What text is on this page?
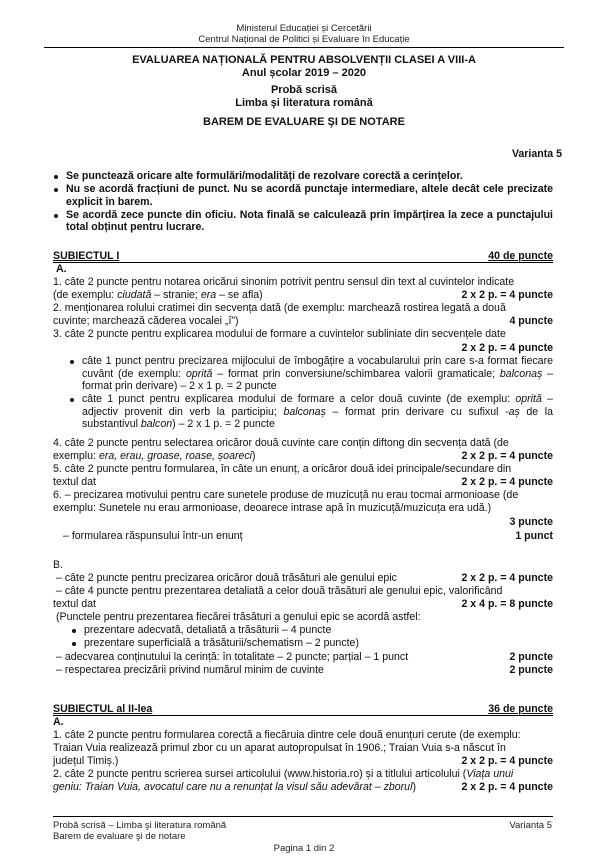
Ministerul Educației și Cercetării
Centrul Național de Politici și Evaluare în Educație
EVALUAREA NAȚIONALĂ PENTRU ABSOLVENȚII CLASEI A VIII-A
Anul școlar 2019 – 2020
Probă scrisă
Limba şi literatura română
BAREM DE EVALUARE ŞI DE NOTARE
Varianta 5
Se punctează oricare alte formulări/modalități de rezolvare corectă a cerințelor.
Nu se acordă fracțiuni de punct. Nu se acordă punctaje intermediare, altele decât cele precizate explicit în barem.
Se acordă zece puncte din oficiu. Nota finală se calculează prin împărțirea la zece a punctajului total obținut pentru lucrare.
SUBIECTUL I	40 de puncte
A.
1. câte 2 puncte pentru notarea oricărui sinonim potrivit pentru sensul din text al cuvintelor indicate
(de exemplu: ciudată – stranie; era – se afla)	2 x 2 p. = 4 puncte
2. menționarea rolului cratimei din secvența dată (de exemplu: marchează rostirea legată a două
cuvinte; marchează căderea vocalei „î”)	4 puncte
3. câte 2 puncte pentru explicarea modului de formare a cuvintelor subliniate din secvențele date
2 x 2 p. = 4 puncte
câte 1 punct pentru precizarea mijlocului de îmbogățire a vocabularului prin care s-a format fiecare cuvânt (de exemplu: oprită – format prin conversiune/schimbarea valorii gramaticale; balconaș – format prin derivare) – 2 x 1 p. = 2 puncte
câte 1 punct pentru explicarea modului de formare a celor două cuvinte (de exemplu: oprită – adjectiv provenit din verb la participiu; balconaș – format prin derivare cu sufixul -aș de la substantivul balcon) – 2 x 1 p. = 2 puncte
4. câte 2 puncte pentru selectarea oricăror două cuvinte care conțin diftong din secvența dată (de
exemplu: era, erau, groase, roase, șoareci)	2 x 2 p. = 4 puncte
5. câte 2 puncte pentru formularea, în câte un enunț, a oricăror două idei principale/secundare din
textul dat	2 x 2 p. = 4 puncte
6. – precizarea motivului pentru care sunetele produse de muzicuță nu erau tocmai armonioase (de
exemplu: Sunetele nu erau armonioase, deoarece intrase apă în muzicuță/muzicuța era udă.)
3 puncte
– formularea răspunsului într-un enunț	1 punct
B.
– câte 2 puncte pentru precizarea oricăror două trăsături ale genului epic	2 x 2 p. = 4 puncte
– câte 4 puncte pentru prezentarea detaliată a celor două trăsături ale genului epic, valorificând
textul dat	2 x 4 p. = 8 puncte
(Punctele pentru prezentarea fiecărei trăsături a genului epic se acordă astfel:
prezentare adecvată, detaliată a trăsăturii – 4 puncte
prezentare superficială a trăsăturii/schematism – 2 puncte)
– adecvarea conținutului la cerință: în totalitate – 2 puncte; parțial – 1 punct	2 puncte
– respectarea precizării privind numărul minim de cuvinte	2 puncte
SUBIECTUL al II-lea	36 de puncte
A.
1. câte 2 puncte pentru formularea corectă a fiecăruia dintre cele două enunțuri cerute (de exemplu:
Traian Vuia realizează primul zbor cu un aparat autopropulsat în 1906.; Traian Vuia s-a născut în
județul Timiș.)	2 x 2 p. = 4 puncte
2. câte 2 puncte pentru scrierea sursei articolului (www.historia.ro) și a titlului articolului (Viața unui
geniu: Traian Vuia, avocatul care nu a renunțat la visul său adevărat – zborul)	2 x 2 p. = 4 puncte
Probă scrisă – Limba şi literatura română
Barem de evaluare şi de notare
Varianta 5
Pagina 1 din 2
